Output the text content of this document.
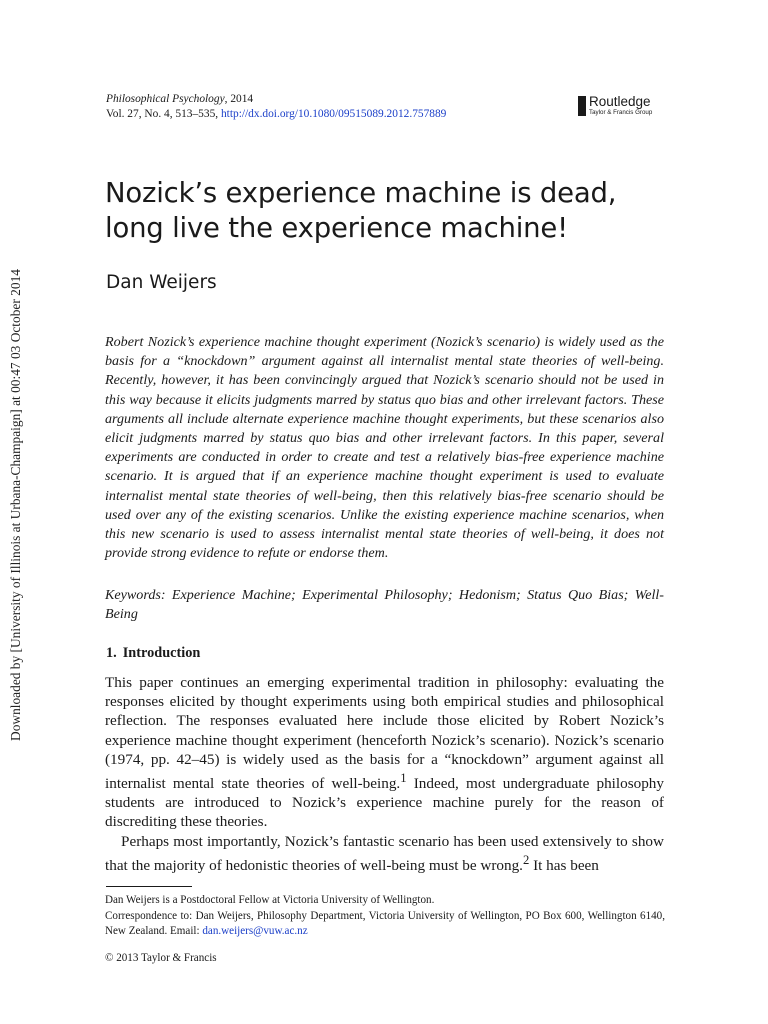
Downloaded by [University of Illinois at Urbana-Champaign] at 00:47 03 October 2014
Philosophical Psychology, 2014
Vol. 27, No. 4, 513–535, http://dx.doi.org/10.1080/09515089.2012.757889
Routledge
Taylor & Francis Group
Nozick’s experience machine is dead,
long live the experience machine!
Dan Weijers

Robert Nozick’s experience machine thought experiment (Nozick’s scenario) is widely used as the basis for a “knockdown” argument against all internalist mental state theories of well-being. Recently, however, it has been convincingly argued that Nozick’s scenario should not be used in this way because it elicits judgments marred by status quo bias and other irrelevant factors. These arguments all include alternate experience machine thought experiments, but these scenarios also elicit judgments marred by status quo bias and other irrelevant factors. In this paper, several experiments are conducted in order to create and test a relatively bias-free experience machine scenario. It is argued that if an experience machine thought experiment is used to evaluate internalist mental state theories of well-being, then this relatively bias-free scenario should be used over any of the existing scenarios. Unlike the existing experience machine scenarios, when this new scenario is used to assess internalist mental state theories of well-being, it does not provide strong evidence to refute or endorse them.

Keywords: Experience Machine; Experimental Philosophy; Hedonism; Status Quo Bias; Well-Being

1. Introduction

This paper continues an emerging experimental tradition in philosophy: evaluating the responses elicited by thought experiments using both empirical studies and philosophical reflection. The responses evaluated here include those elicited by Robert Nozick’s experience machine thought experiment (henceforth Nozick’s scenario). Nozick’s scenario (1974, pp. 42–45) is widely used as the basis for a “knockdown” argument against all internalist mental state theories of well-being.$^1$ Indeed, most undergraduate philosophy students are introduced to Nozick’s experience machine purely for the reason of discrediting these theories.

Perhaps most importantly, Nozick’s fantastic scenario has been used extensively to show that the majority of hedonistic theories of well-being must be wrong.$^2$ It has been

Dan Weijers is a Postdoctoral Fellow at Victoria University of Wellington.

Correspondence to: Dan Weijers, Philosophy Department, Victoria University of Wellington, PO Box 600, Wellington 6140, New Zealand. Email: dan.weijers@vuw.ac.nz

© 2013 Taylor & Francis
